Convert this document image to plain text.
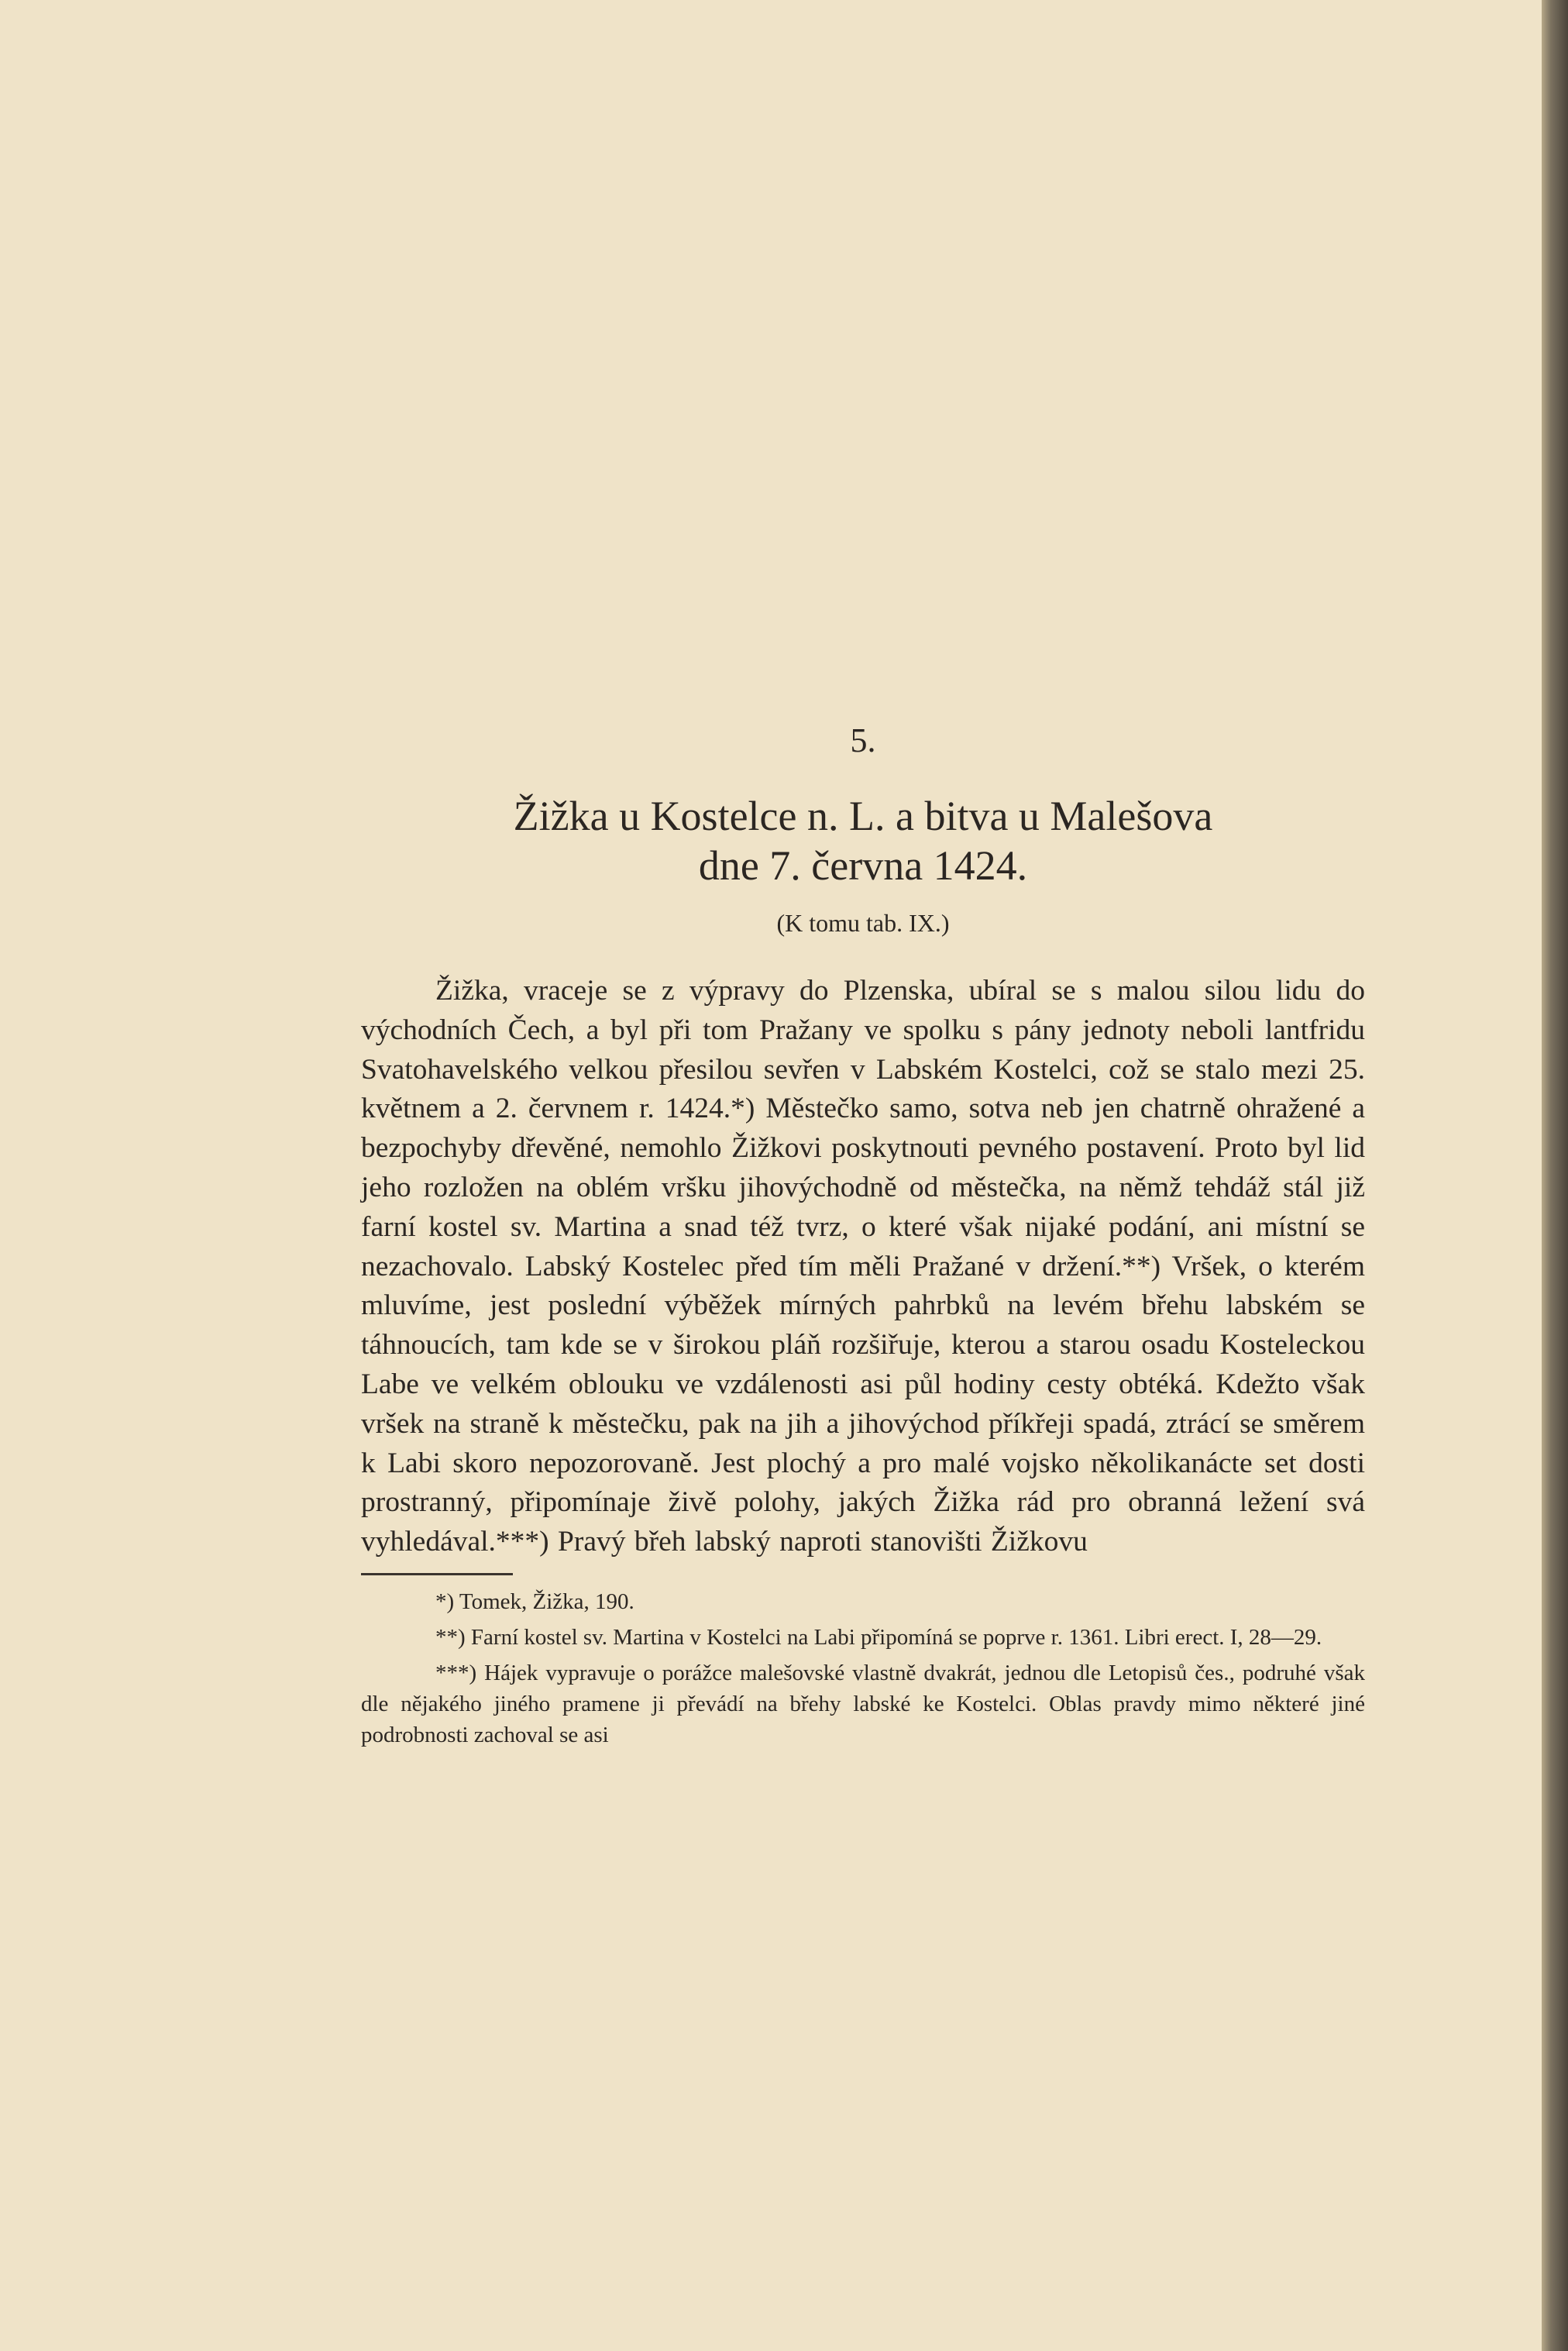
5.
Žižka u Kostelce n. L. a bitva u Malešova
dne 7. června 1424.
(K tomu tab. IX.)

Žižka, vraceje se z výpravy do Plzenska, ubíral se s malou silou lidu do východních Čech, a byl při tom Pražany ve spolku s pány jednoty neboli lantfridu Svatohavelského velkou přesilou sevřen v Labském Kostelci, což se stalo mezi 25. květnem a 2. červnem r. 1424.*) Městečko samo, sotva neb jen chatrně ohražené a bezpochyby dřevěné, nemohlo Žižkovi poskytnouti pevného postavení. Proto byl lid jeho rozložen na oblém vršku jihovýchodně od městečka, na němž tehdáž stál již farní kostel sv. Martina a snad též tvrz, o které však nijaké podání, ani místní se nezachovalo. Labský Kostelec před tím měli Pražané v držení.**) Vršek, o kterém mluvíme, jest poslední výběžek mírných pahrbků na levém břehu labském se táhnoucích, tam kde se v širokou pláň rozšiřuje, kterou a starou osadu Kosteleckou Labe ve velkém oblouku ve vzdálenosti asi půl hodiny cesty obtéká. Kdežto však vršek na straně k městečku, pak na jih a jihovýchod příkřeji spadá, ztrácí se směrem k Labi skoro nepozorovaně. Jest plochý a pro malé vojsko několikanácte set dosti prostranný, připomínaje živě polohy, jakých Žižka rád pro obranná ležení svá vyhledával.***) Pravý břeh labský naproti stanovišti Žižkovu

*) Tomek, Žižka, 190.

**) Farní kostel sv. Martina v Kostelci na Labi připomíná se poprve r. 1361. Libri erect. I, 28—29.

***) Hájek vypravuje o porážce malešovské vlastně dvakrát, jednou dle Letopisů čes., podruhé však dle nějakého jiného pramene ji převádí na břehy labské ke Kostelci. Oblas pravdy mimo některé jiné podrobnosti zachoval se asi
